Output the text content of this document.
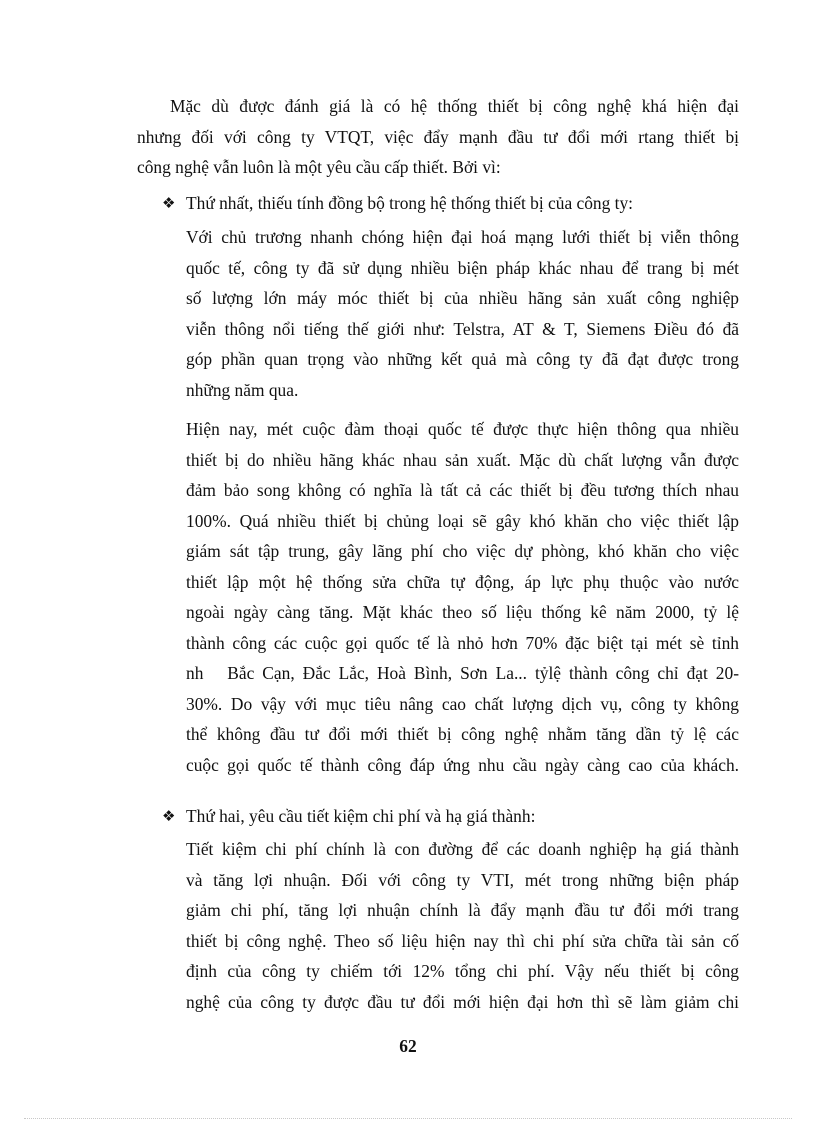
Mặc dù được đánh giá là có hệ thống thiết bị công nghệ khá hiện đại
nhưng đối với công ty VTQT, việc đẩy mạnh đầu tư đổi mới rtang thiết bị
công nghệ vẫn luôn là một yêu cầu cấp thiết. Bởi vì:
❖ Thứ nhất, thiếu tính đồng bộ trong hệ thống thiết bị của công ty:
Với chủ trương nhanh chóng hiện đại hoá mạng lưới thiết bị viễn thông
quốc tế, công ty đã sử dụng nhiều biện pháp khác nhau để trang bị mét
số lượng lớn máy móc thiết bị của nhiều hãng sản xuất công nghiệp
viễn thông nổi tiếng thế giới như: Telstra, AT & T, Siemens Điều đó đã
góp phần quan trọng vào những kết quả mà công ty đã đạt được trong
những năm qua.
Hiện nay, mét cuộc đàm thoại quốc tế được thực hiện thông qua nhiều
thiết bị do nhiều hãng khác nhau sản xuất. Mặc dù chất lượng vẫn được
đảm bảo song không có nghĩa là tất cả các thiết bị đều tương thích nhau
100%. Quá nhiều thiết bị chủng loại sẽ gây khó khăn cho việc thiết lập
giám sát tập trung, gây lãng phí cho việc dự phòng, khó khăn cho việc
thiết lập một hệ thống sửa chữa tự động, áp lực phụ thuộc vào nước
ngoài ngày càng tăng. Mặt khác theo số liệu thống kê năm 2000, tỷ lệ
thành công các cuộc gọi quốc tế là nhỏ hơn 70% đặc biệt tại mét sè tỉnh
nh   Bắc Cạn, Đắc Lắc, Hoà Bình, Sơn La... tỷlệ thành công chỉ đạt 20-
30%. Do vậy với mục tiêu nâng cao chất lượng dịch vụ, công ty không
thể không đầu tư đổi mới thiết bị công nghệ nhằm tăng dần tỷ lệ các
cuộc gọi quốc tế thành công đáp ứng nhu cầu ngày càng cao của khách.
❖ Thứ hai, yêu cầu tiết kiệm chi phí và hạ giá thành:
Tiết kiệm chi phí chính là con đường để các doanh nghiệp hạ giá thành
và tăng lợi nhuận. Đối với công ty VTI, mét trong những biện pháp
giảm chi phí, tăng lợi nhuận chính là đẩy mạnh đầu tư đổi mới trang
thiết bị công nghệ. Theo số liệu hiện nay thì chi phí sửa chữa tài sản cố
định của công ty chiếm tới 12% tổng chi phí. Vậy nếu thiết bị công
nghệ của công ty được đầu tư đổi mới hiện đại hơn thì sẽ làm giảm chi
62
